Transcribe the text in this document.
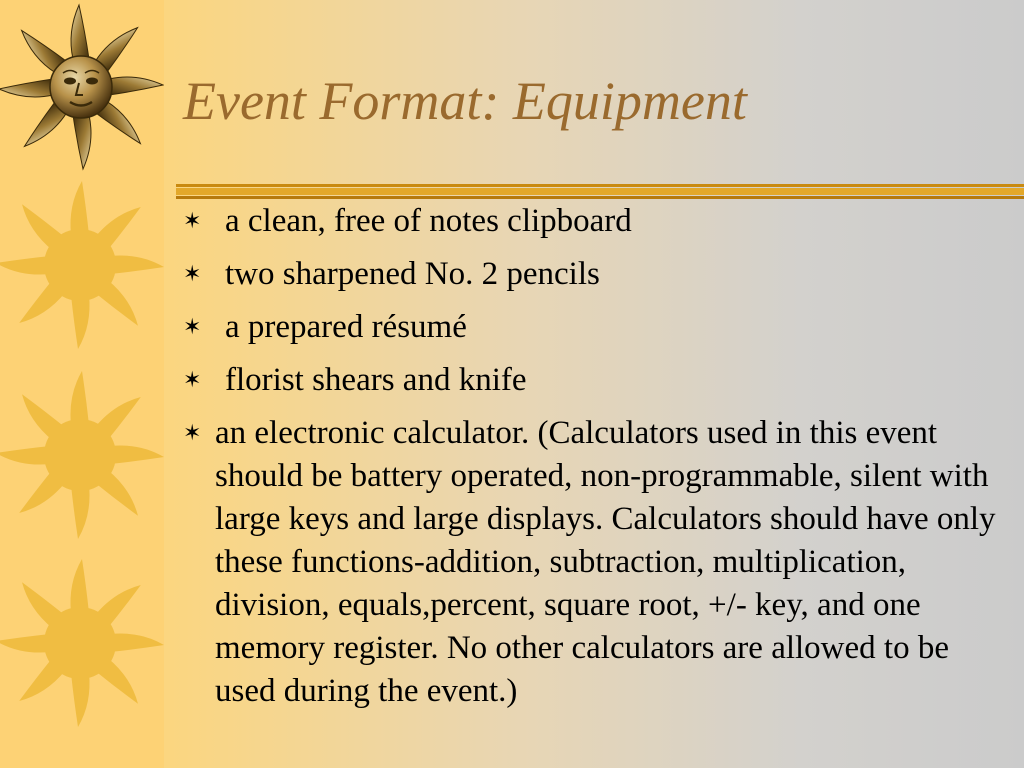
Event Format: Equipment
✶ a clean, free of notes clipboard
✶ two sharpened No. 2 pencils
✶ a prepared résumé
✶ florist shears and knife
✶ an electronic calculator. (Calculators used in this event should be battery operated, non-programmable, silent with large keys and large displays. Calculators should have only these functions-addition, subtraction, multiplication, division, equals,percent, square root, +/- key, and one memory register. No other calculators are allowed to be used during the event.)
